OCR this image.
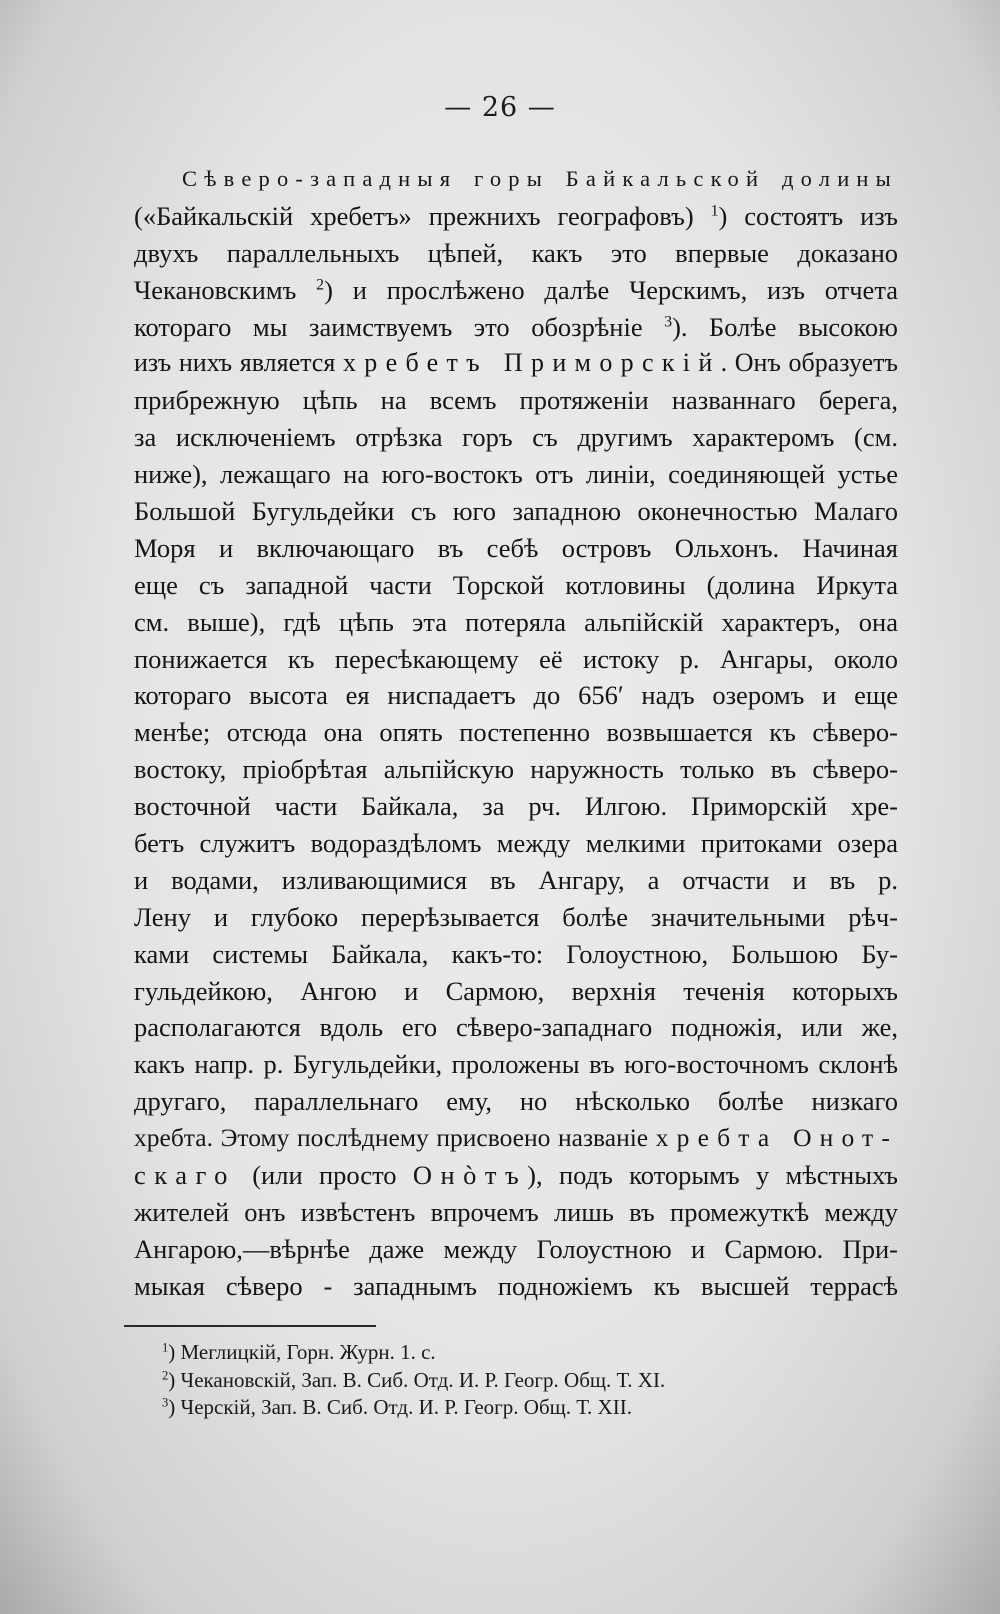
— 26 —
Сѣверо-западныя горы Байкальской долины
(«Байкальскій хребетъ» прежнихъ географовъ) $^1$) состоятъ изъ
двухъ параллельныхъ цѣпей, какъ это впервые доказано
Чекановскимъ $^2$) и прослѣжено далѣе Черскимъ, изъ отчета
котораго мы заимствуемъ это обозрѣніе $^3$). Болѣе высокою
изъ нихъ является хребетъ Приморскій. Онъ образуетъ
прибрежную цѣпь на всемъ протяженіи названнаго берега,
за исключеніемъ отрѣзка горъ съ другимъ характеромъ (см.
ниже), лежащаго на юго-востокъ отъ линіи, соединяющей устье
Большой Бугульдейки съ юго западною оконечностью Малаго
Моря и включающаго въ себѣ островъ Ольхонъ. Начиная
еще съ западной части Торской котловины (долина Иркута
см. выше), гдѣ цѣпь эта потеряла альпійскій характеръ, она
понижается къ пересѣкающему её истоку р. Ангары, около
котораго высота ея ниспадаетъ до 656′ надъ озеромъ и еще
менѣе; отсюда она опять постепенно возвышается къ сѣверо-
востоку, пріобрѣтая альпійскую наружность только въ сѣверо-
восточной части Байкала, за рч. Илгою. Приморскій хре-
бетъ служитъ водораздѣломъ между мелкими притоками озера
и водами, изливающимися въ Ангару, а отчасти и въ р.
Лену и глубоко перерѣзывается болѣе значительными рѣч-
ками системы Байкала, какъ-то: Голоустною, Большою Бу-
гульдейкою, Ангою и Сармою, верхнія теченія которыхъ
располагаются вдоль его сѣверо-западнаго подножія, или же,
какъ напр. р. Бугульдейки, проложены въ юго-восточномъ склонѣ
другаго, параллельнаго ему, но нѣсколько болѣе низкаго
хребта. Этому послѣднему присвоено названіе хребта Онот-
скаго (или просто Онòтъ), подъ которымъ у мѣстныхъ
жителей онъ извѣстенъ впрочемъ лишь въ промежуткѣ между
Ангарою,—вѣрнѣе даже между Голоустною и Сармою. При-
мыкая сѣверо - западнымъ подножіемъ къ высшей террасѣ
$^1$) Меглицкій, Горн. Журн. 1. с.
$^2$) Чекановскій, Зап. В. Сиб. Отд. И. Р. Геогр. Общ. Т. XI.
$^3$) Черскій, Зап. В. Сиб. Отд. И. Р. Геогр. Общ. Т. XII.
